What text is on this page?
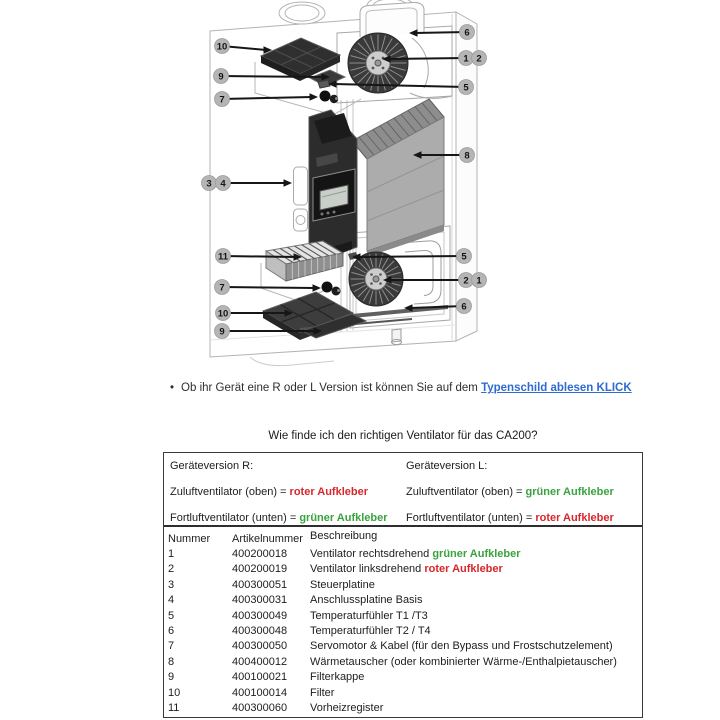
10
9
7
3 4
11
7
10
9
6
1 2
5
8
5
2 1
6
• Ob ihr Gerät eine R oder L Version ist können Sie auf dem Typenschild ablesen KLICK
Wie finde ich den richtigen Ventilator für das CA200?
Geräteversion R:
Zuluftventilator (oben) = roter Aufkleber
Fortluftventilator (unten) = grüner Aufkleber
Geräteversion L:
Zuluftventilator (oben) = grüner Aufkleber
Fortluftventilator (unten) = roter Aufkleber
Nummer	Artikelnummer Beschreibung
1	400200018	Ventilator rechtsdrehend grüner Aufkleber
2	400200019	Ventilator linksdrehend roter Aufkleber
3	400300051	Steuerplatine
4	400300031	Anschlussplatine Basis
5	400300049	Temperaturfühler T1 /T3
6	400300048	Temperaturfühler T2 / T4
7	400300050	Servomotor & Kabel (für den Bypass und Frostschutzelement)
8	400400012	Wärmetauscher (oder kombinierter Wärme-/Enthalpietauscher)
9	400100021	Filterkappe
10	400100014	Filter
11	400300060	Vorheizregister
